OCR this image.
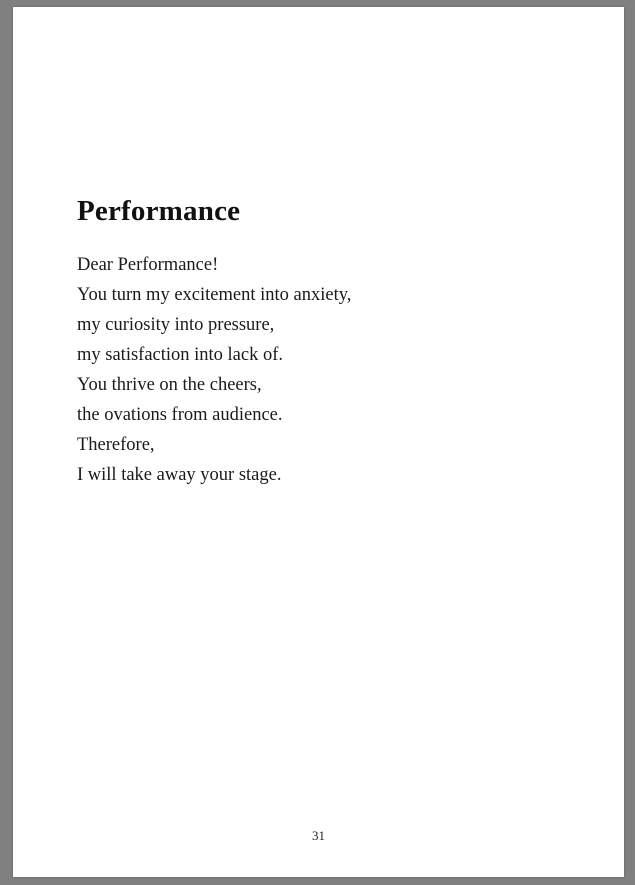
Performance
Dear Performance!
You turn my excitement into anxiety,
my curiosity into pressure,
my satisfaction into lack of.
You thrive on the cheers,
the ovations from audience.
Therefore,
I will take away your stage.
31
